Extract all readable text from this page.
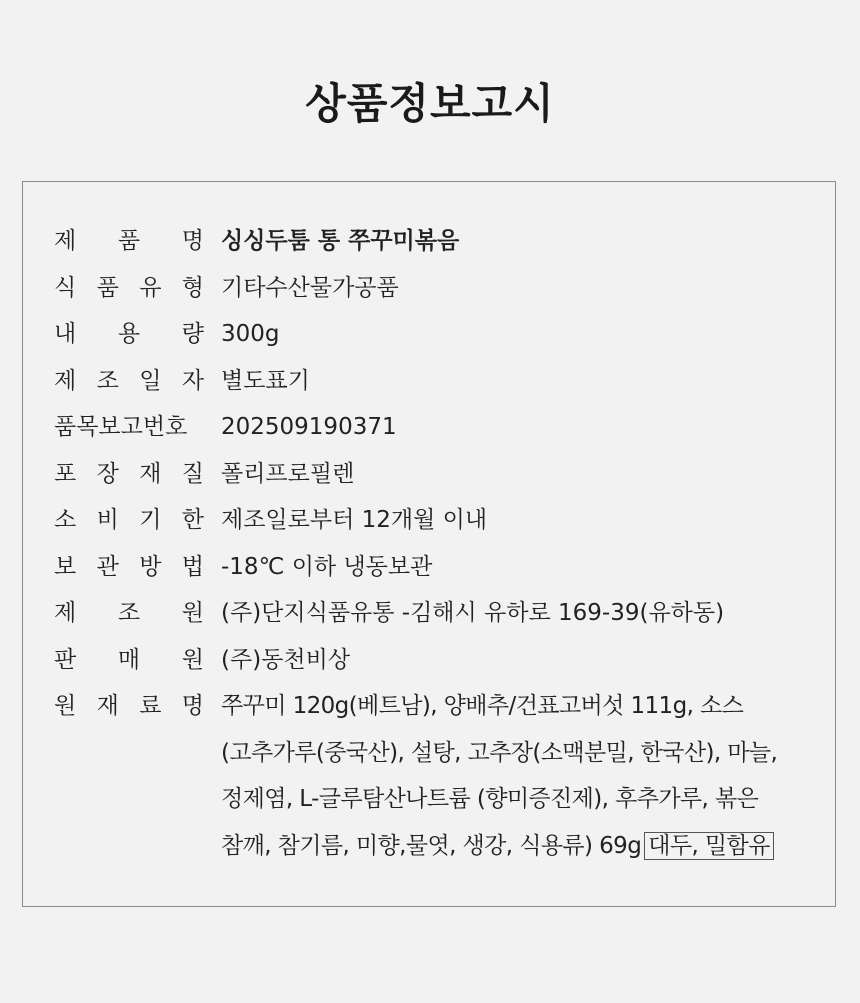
상품정보고시
제 품 명 싱싱두툼 통 쭈꾸미볶음
식 품 유 형 기타수산물가공품
내 용 량 300g
제 조 일 자 별도표기
품목보고번호 202509190371
포 장 재 질 폴리프로필렌
소 비 기 한 제조일로부터 12개월 이내
보 관 방 법 -18℃ 이하 냉동보관
제 조 원 (주)단지식품유통 -김해시 유하로 169-39(유하동)
판 매 원 (주)동천비상
원 재 료 명 쭈꾸미 120g(베트남), 양배추/건표고버섯 111g, 소스
(고추가루(중국산), 설탕, 고추장(소맥분밀, 한국산), 마늘,
정제염, L-글루탐산나트륨 (향미증진제), 후추가루, 볶은
참깨, 참기름, 미향,물엿, 생강, 식용류) 69g 대두, 밀함유
